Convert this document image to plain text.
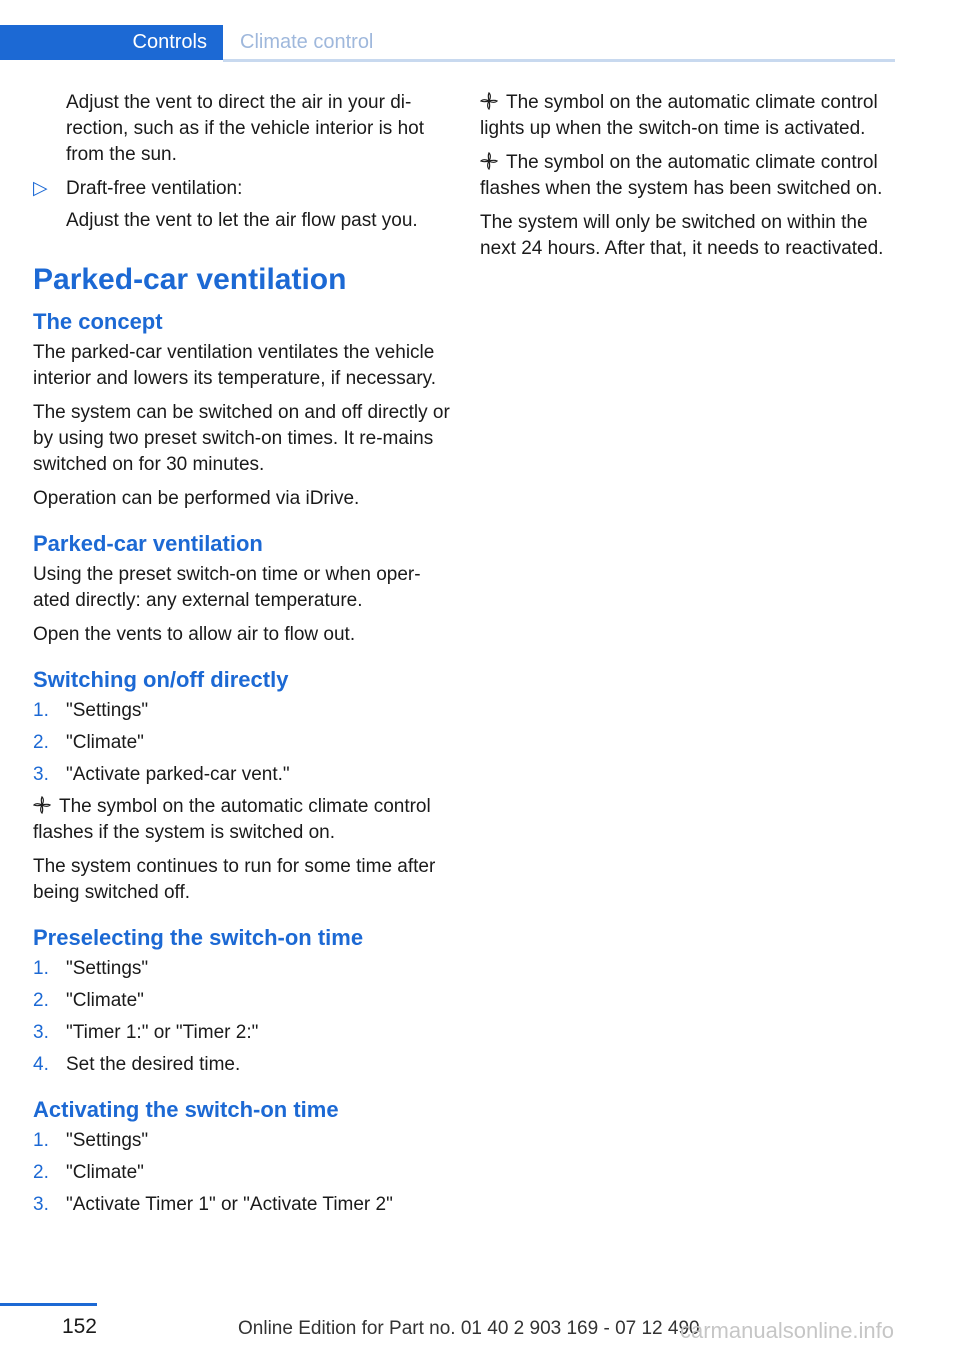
Controls	Climate control

Adjust the vent to direct the air in your di-
rection, such as if the vehicle interior is hot
from the sun.

▷ Draft-free ventilation:
Adjust the vent to let the air flow past you.
Parked-car ventilation
The concept

The parked-car ventilation ventilates the vehicle interior and lowers its temperature, if necessary.

The system can be switched on and off directly or by using two preset switch-on times. It re-mains switched on for 30 minutes.

Operation can be performed via iDrive.

Parked-car ventilation

Using the preset switch-on time or when oper-ated directly: any external temperature.

Open the vents to allow air to flow out.

Switching on/off directly
1. "Settings"
2. "Climate"
3. "Activate parked-car vent."

The symbol on the automatic climate control flashes if the system is switched on.

The system continues to run for some time after being switched off.

Preselecting the switch-on time
1. "Settings"
2. "Climate"
3. "Timer 1:" or "Timer 2:"
4. Set the desired time.
Activating the switch-on time
1. "Settings"
2. "Climate"
3. "Activate Timer 1" or "Activate Timer 2"

The symbol on the automatic climate control lights up when the switch-on time is activated.

The symbol on the automatic climate control flashes when the system has been switched on.

The system will only be switched on within the next 24 hours. After that, it needs to reactivated.

152	Online Edition for Part no. 01 40 2 903 169 - 07 12 490
carmanualsonline.info
